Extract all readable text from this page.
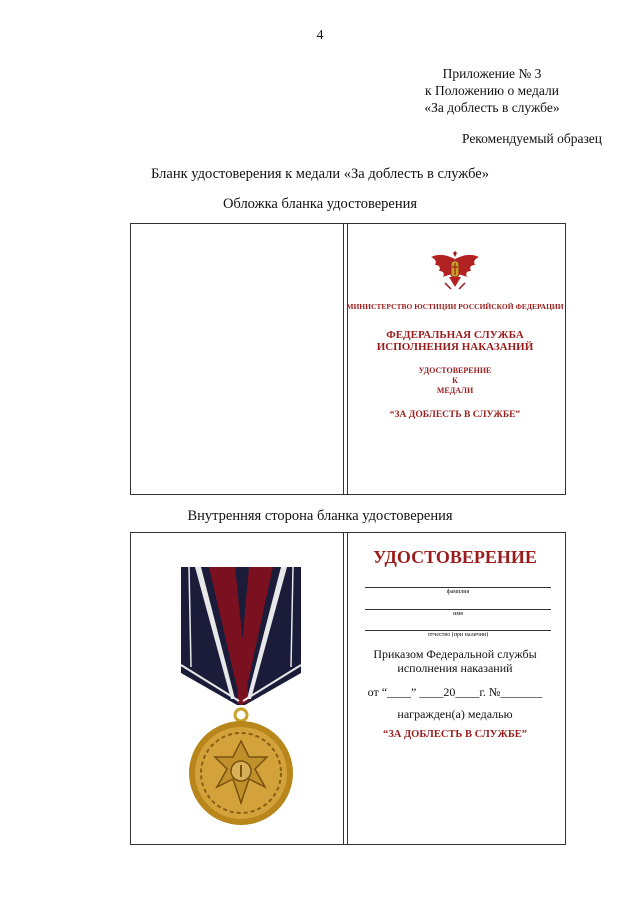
4
Приложение № 3
к Положению о медали
«За доблесть в службе»
Рекомендуемый образец
Бланк удостоверения к медали «За доблесть в службе»
Обложка бланка удостоверения
МИНИСТЕРСТВО ЮСТИЦИИ РОССИЙСКОЙ ФЕДЕРАЦИИ
ФЕДЕРАЛЬНАЯ СЛУЖБА ИСПОЛНЕНИЯ НАКАЗАНИЙ
УДОСТОВЕРЕНИЕ
К
МЕДАЛИ
“ЗА ДОБЛЕСТЬ В СЛУЖБЕ”
Внутренняя сторона бланка удостоверения
УДОСТОВЕРЕНИЕ
фамилия
имя
отчество (при наличии)
Приказом Федеральной службы
исполнения наказаний
от “____” ____20____г. №_______
награжден(а) медалью
“ЗА ДОБЛЕСТЬ В СЛУЖБЕ”
